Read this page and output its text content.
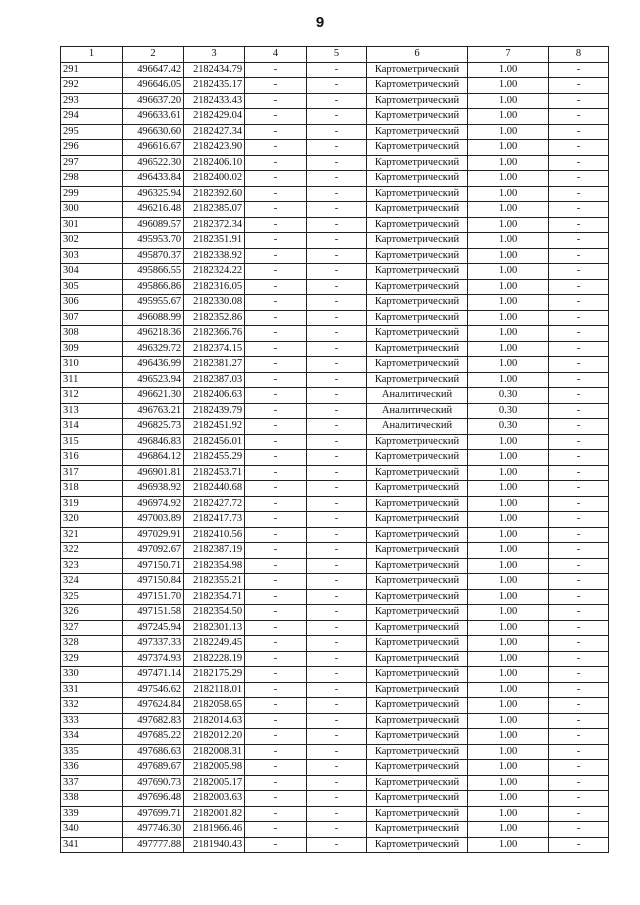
9
1	2	3	4	5	6	7	8
291	496647.42	2182434.79	-	-	Картометрический	1.00	-
292	496646.05	2182435.17	-	-	Картометрический	1.00	-
293	496637.20	2182433.43	-	-	Картометрический	1.00	-
294	496633.61	2182429.04	-	-	Картометрический	1.00	-
295	496630.60	2182427.34	-	-	Картометрический	1.00	-
296	496616.67	2182423.90	-	-	Картометрический	1.00	-
297	496522.30	2182406.10	-	-	Картометрический	1.00	-
298	496433.84	2182400.02	-	-	Картометрический	1.00	-
299	496325.94	2182392.60	-	-	Картометрический	1.00	-
300	496216.48	2182385.07	-	-	Картометрический	1.00	-
301	496089.57	2182372.34	-	-	Картометрический	1.00	-
302	495953.70	2182351.91	-	-	Картометрический	1.00	-
303	495870.37	2182338.92	-	-	Картометрический	1.00	-
304	495866.55	2182324.22	-	-	Картометрический	1.00	-
305	495866.86	2182316.05	-	-	Картометрический	1.00	-
306	495955.67	2182330.08	-	-	Картометрический	1.00	-
307	496088.99	2182352.86	-	-	Картометрический	1.00	-
308	496218.36	2182366.76	-	-	Картометрический	1.00	-
309	496329.72	2182374.15	-	-	Картометрический	1.00	-
310	496436.99	2182381.27	-	-	Картометрический	1.00	-
311	496523.94	2182387.03	-	-	Картометрический	1.00	-
312	496621.30	2182406.63	-	-	Аналитический	0.30	-
313	496763.21	2182439.79	-	-	Аналитический	0.30	-
314	496825.73	2182451.92	-	-	Аналитический	0.30	-
315	496846.83	2182456.01	-	-	Картометрический	1.00	-
316	496864.12	2182455.29	-	-	Картометрический	1.00	-
317	496901.81	2182453.71	-	-	Картометрический	1.00	-
318	496938.92	2182440.68	-	-	Картометрический	1.00	-
319	496974.92	2182427.72	-	-	Картометрический	1.00	-
320	497003.89	2182417.73	-	-	Картометрический	1.00	-
321	497029.91	2182410.56	-	-	Картометрический	1.00	-
322	497092.67	2182387.19	-	-	Картометрический	1.00	-
323	497150.71	2182354.98	-	-	Картометрический	1.00	-
324	497150.84	2182355.21	-	-	Картометрический	1.00	-
325	497151.70	2182354.71	-	-	Картометрический	1.00	-
326	497151.58	2182354.50	-	-	Картометрический	1.00	-
327	497245.94	2182301.13	-	-	Картометрический	1.00	-
328	497337.33	2182249.45	-	-	Картометрический	1.00	-
329	497374.93	2182228.19	-	-	Картометрический	1.00	-
330	497471.14	2182175.29	-	-	Картометрический	1.00	-
331	497546.62	2182118.01	-	-	Картометрический	1.00	-
332	497624.84	2182058.65	-	-	Картометрический	1.00	-
333	497682.83	2182014.63	-	-	Картометрический	1.00	-
334	497685.22	2182012.20	-	-	Картометрический	1.00	-
335	497686.63	2182008.31	-	-	Картометрический	1.00	-
336	497689.67	2182005.98	-	-	Картометрический	1.00	-
337	497690.73	2182005.17	-	-	Картометрический	1.00	-
338	497696.48	2182003.63	-	-	Картометрический	1.00	-
339	497699.71	2182001.82	-	-	Картометрический	1.00	-
340	497746.30	2181966.46	-	-	Картометрический	1.00	-
341	497777.88	2181940.43	-	-	Картометрический	1.00	-
